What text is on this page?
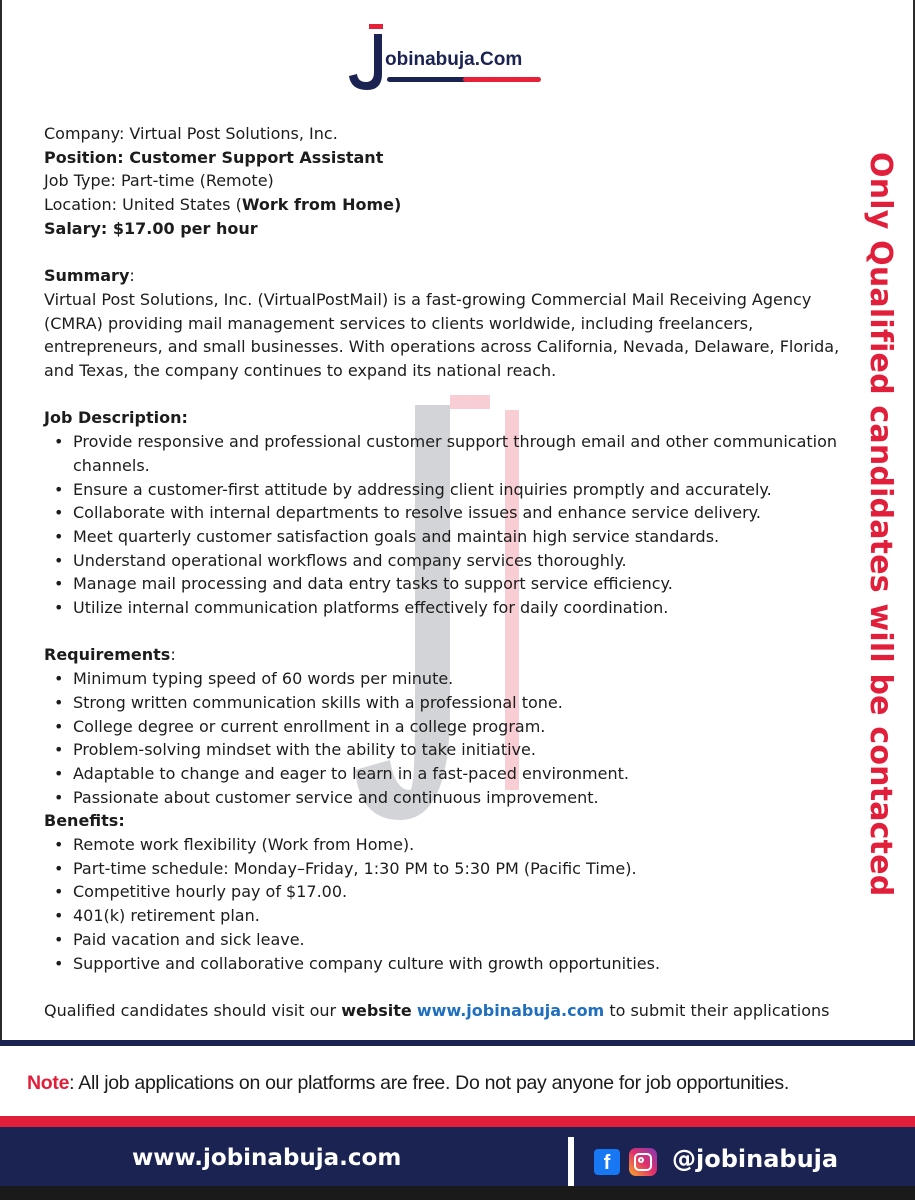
obinabuja.Com

Company: Virtual Post Solutions, Inc.

Position: Customer Support Assistant

Job Type: Part-time (Remote)

Location: United States (Work from Home)

Salary: $17.00 per hour

Summary:

Virtual Post Solutions, Inc. (VirtualPostMail) is a fast-growing Commercial Mail Receiving Agency (CMRA) providing mail management services to clients worldwide, including freelancers, entrepreneurs, and small businesses. With operations across California, Nevada, Delaware, Florida, and Texas, the company continues to expand its national reach.

Job Description:

• Provide responsive and professional customer support through email and other communication channels.
• Ensure a customer-first attitude by addressing client inquiries promptly and accurately.
• Collaborate with internal departments to resolve issues and enhance service delivery.
• Meet quarterly customer satisfaction goals and maintain high service standards.
• Understand operational workflows and company services thoroughly.
• Manage mail processing and data entry tasks to support service efficiency.
• Utilize internal communication platforms effectively for daily coordination.

Requirements:

• Minimum typing speed of 60 words per minute.
• Strong written communication skills with a professional tone.
• College degree or current enrollment in a college program.
• Problem-solving mindset with the ability to take initiative.
• Adaptable to change and eager to learn in a fast-paced environment.
• Passionate about customer service and continuous improvement.

Benefits:

• Remote work flexibility (Work from Home).
• Part-time schedule: Monday–Friday, 1:30 PM to 5:30 PM (Pacific Time).
• Competitive hourly pay of $17.00.
• 401(k) retirement plan.
• Paid vacation and sick leave.
• Supportive and collaborative company culture with growth opportunities.

Qualified candidates should visit our website www.jobinabuja.com to submit their applications

Only Qualified candidates will be contacted
Note: All job applications on our platforms are free. Do not pay anyone for job opportunities.
www.jobinabuja.com	f	@jobinabuja
